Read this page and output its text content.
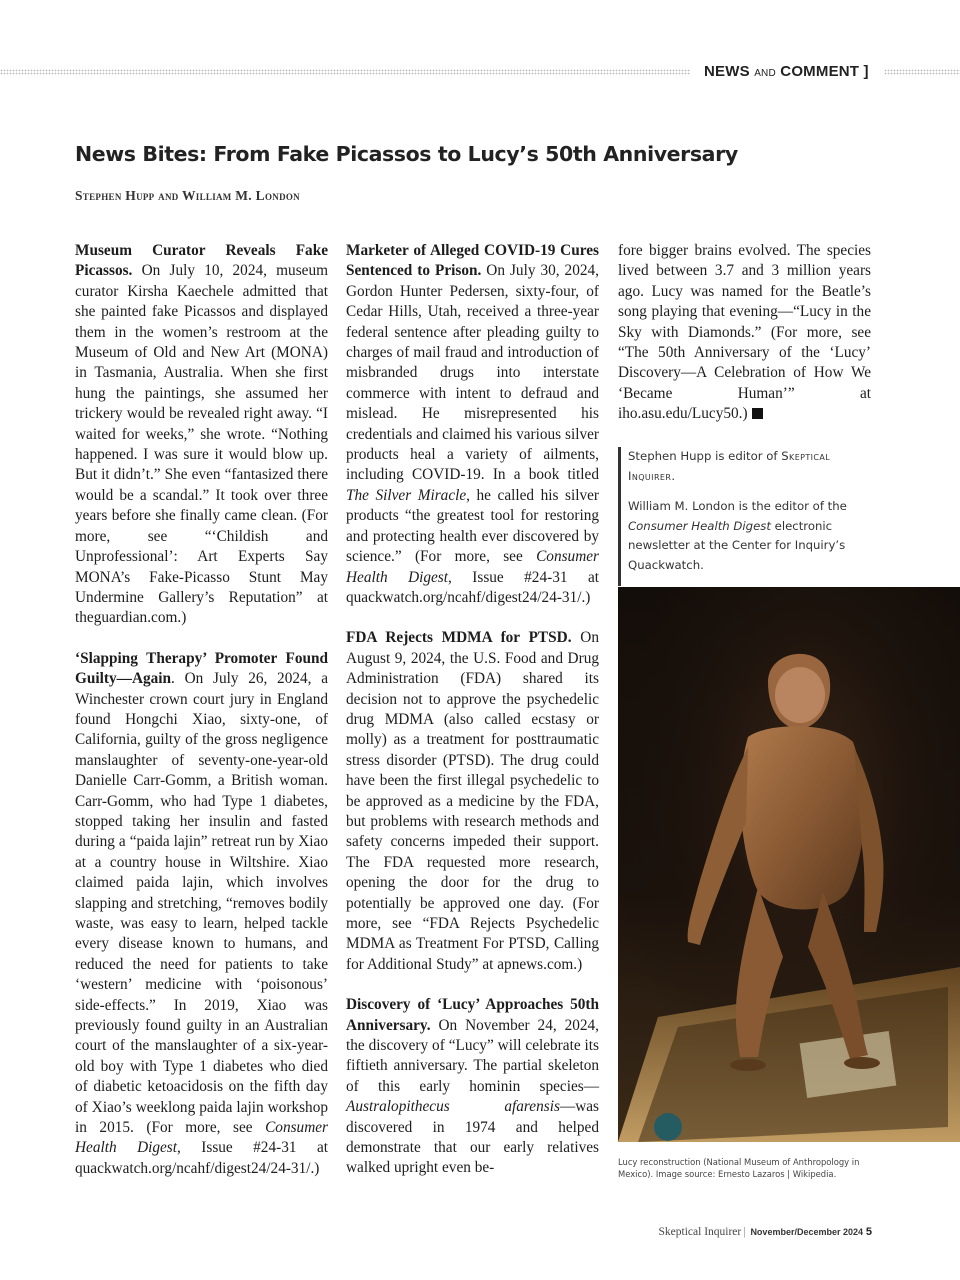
NEWS AND COMMENT ]
News Bites: From Fake Picassos to Lucy’s 50th Anniversary
Stephen Hupp and William M. London

Museum Curator Reveals Fake Picassos. On July 10, 2024, museum curator Kirsha Kaechele admitted that she painted fake Picassos and displayed them in the women’s restroom at the Museum of Old and New Art (MONA) in Tasmania, Australia. When she first hung the paintings, she assumed her trickery would be revealed right away. “I waited for weeks,” she wrote. “Nothing happened. I was sure it would blow up. But it didn’t.” She even “fantasized there would be a scandal.” It took over three years before she finally came clean. (For more, see “‘Childish and Unprofessional’: Art Experts Say MONA’s Fake-Picasso Stunt May Undermine Gallery’s Reputation” at theguardian.com.)

‘Slapping Therapy’ Promoter Found Guilty—Again. On July 26, 2024, a Winchester crown court jury in England found Hongchi Xiao, sixty-one, of California, guilty of the gross negligence manslaughter of seventy-one-year-old Danielle Carr-Gomm, a British woman. Carr-Gomm, who had Type 1 diabetes, stopped taking her insulin and fasted during a “paida lajin” retreat run by Xiao at a country house in Wiltshire. Xiao claimed paida lajin, which involves slapping and stretching, “removes bodily waste, was easy to learn, helped tackle every disease known to humans, and reduced the need for patients to take ‘western’ medicine with ‘poisonous’ side-effects.” In 2019, Xiao was previously found guilty in an Australian court of the manslaughter of a six-year-old boy with Type 1 diabetes who died of diabetic ketoacidosis on the fifth day of Xiao’s weeklong paida lajin workshop in 2015. (For more, see Consumer Health Digest, Issue #24-31 at quackwatch.org/ncahf/digest24/24-31/.)

Marketer of Alleged COVID-19 Cures Sentenced to Prison. On July 30, 2024, Gordon Hunter Pedersen, sixty-four, of Cedar Hills, Utah, received a three-year federal sentence after pleading guilty to charges of mail fraud and introduction of misbranded drugs into interstate commerce with intent to defraud and mislead. He misrepresented his credentials and claimed his various silver products heal a variety of ailments, including COVID-19. In a book titled The Silver Miracle, he called his silver products “the greatest tool for restoring and protecting health ever discovered by science.” (For more, see Consumer Health Digest, Issue #24-31 at quackwatch.org/ncahf/digest24/24-31/.)

FDA Rejects MDMA for PTSD. On August 9, 2024, the U.S. Food and Drug Administration (FDA) shared its decision not to approve the psychedelic drug MDMA (also called ecstasy or molly) as a treatment for posttraumatic stress disorder (PTSD). The drug could have been the first illegal psychedelic to be approved as a medicine by the FDA, but problems with research methods and safety concerns impeded their support. The FDA requested more research, opening the door for the drug to potentially be approved one day. (For more, see “FDA Rejects Psychedelic MDMA as Treatment For PTSD, Calling for Additional Study” at apnews.com.)

Discovery of ‘Lucy’ Approaches 50th Anniversary. On November 24, 2024, the discovery of “Lucy” will celebrate its fiftieth anniversary. The partial skeleton of this early hominin species—Australopithecus afarensis—was discovered in 1974 and helped demonstrate that our early relatives walked upright even be-

fore bigger brains evolved. The species lived between 3.7 and 3 million years ago. Lucy was named for the Beatle’s song playing that evening—“Lucy in the Sky with Diamonds.” (For more, see “The 50th Anniversary of the ‘Lucy’ Discovery—A Celebration of How We ‘Became Human’” at iho.asu.edu/Lucy50.)

Stephen Hupp is editor of Skeptical Inquirer.

William M. London is the editor of the Consumer Health Digest electronic newsletter at the Center for Inquiry’s Quackwatch.

Lucy reconstruction (National Museum of Anthropology in Mexico). Image source: Ernesto Lazaros | Wikipedia.
Skeptical Inquirer | November/December 2024 5
